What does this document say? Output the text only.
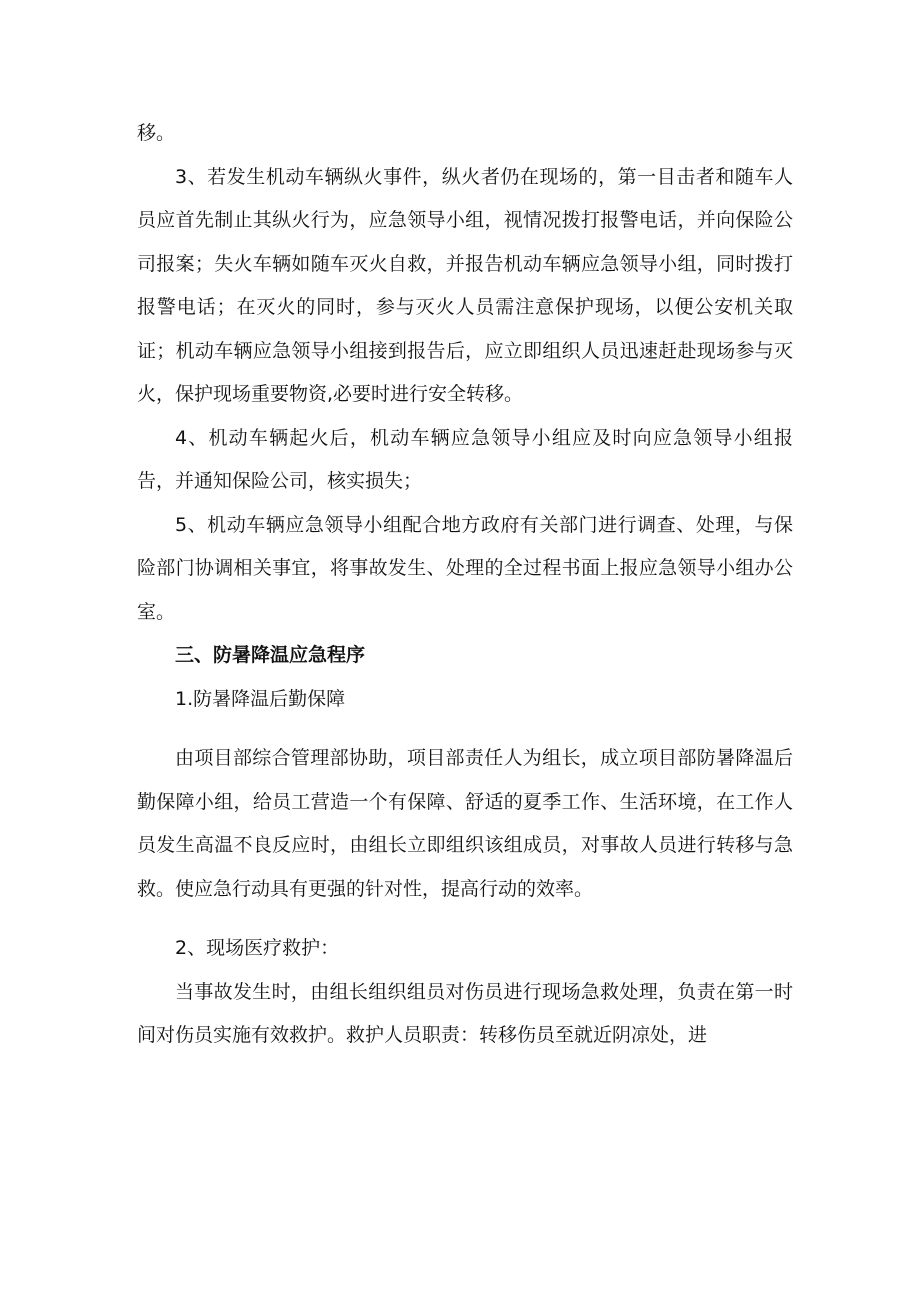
移。

3、若发生机动车辆纵火事件，纵火者仍在现场的，第一目击者和随车人员应首先制止其纵火行为，应急领导小组，视情况拨打报警电话，并向保险公司报案；失火车辆如随车灭火自救，并报告机动车辆应急领导小组，同时拨打报警电话；在灭火的同时，参与灭火人员需注意保护现场，以便公安机关取证；机动车辆应急领导小组接到报告后，应立即组织人员迅速赶赴现场参与灭火，保护现场重要物资,必要时进行安全转移。

4、机动车辆起火后，机动车辆应急领导小组应及时向应急领导小组报告，并通知保险公司，核实损失；

5、机动车辆应急领导小组配合地方政府有关部门进行调查、处理，与保险部门协调相关事宜，将事故发生、处理的全过程书面上报应急领导小组办公室。

三、防暑降温应急程序

1.防暑降温后勤保障

由项目部综合管理部协助，项目部责任人为组长，成立项目部防暑降温后勤保障小组，给员工营造一个有保障、舒适的夏季工作、生活环境，在工作人员发生高温不良反应时，由组长立即组织该组成员，对事故人员进行转移与急救。使应急行动具有更强的针对性，提高行动的效率。

2、现场医疗救护：

当事故发生时，由组长组织组员对伤员进行现场急救处理，负责在第一时间对伤员实施有效救护。救护人员职责：转移伤员至就近阴凉处，进
